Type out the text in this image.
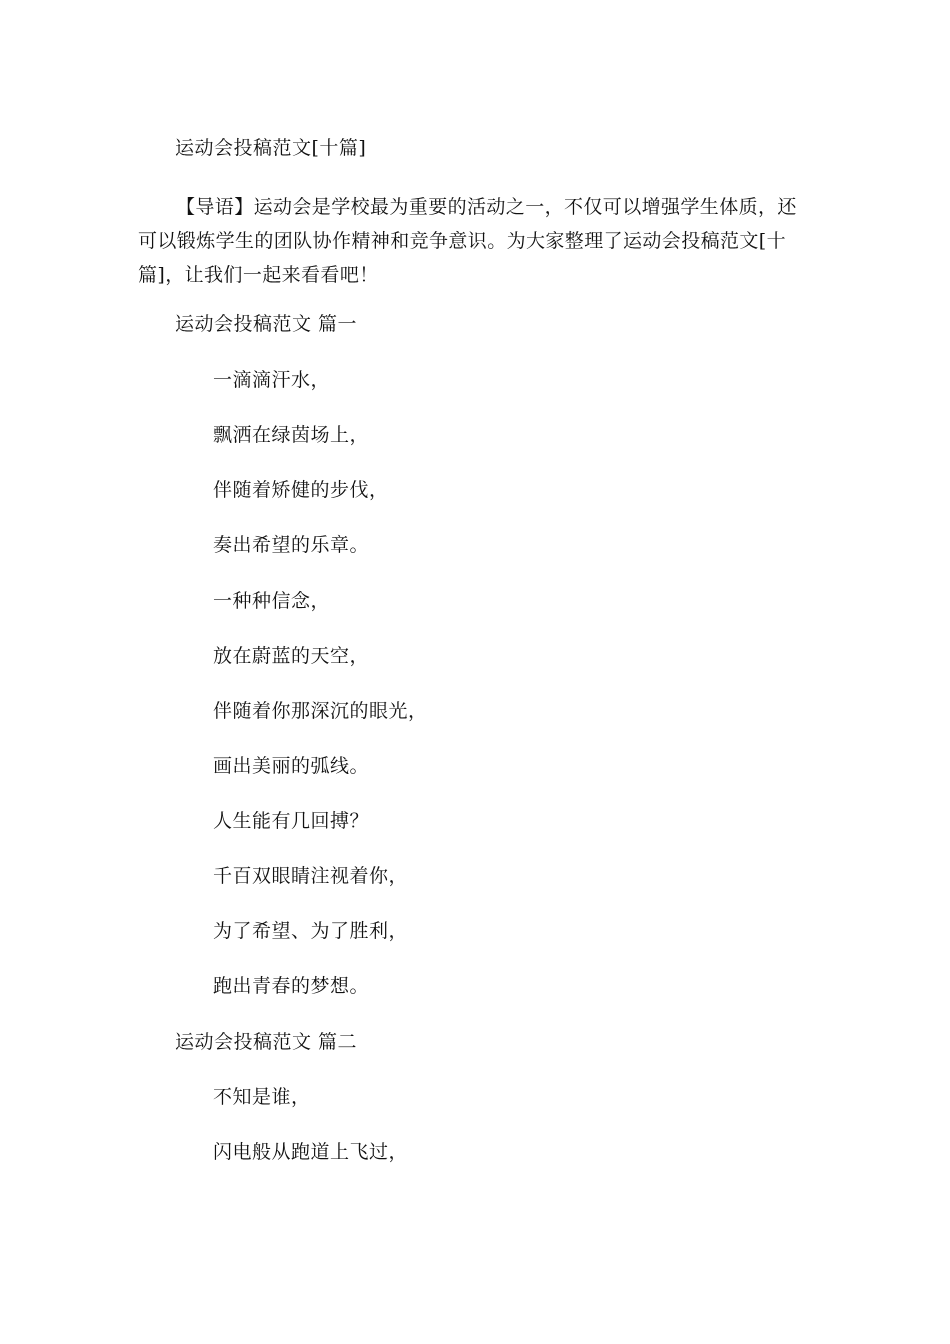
运动会投稿范文[十篇]
【导语】运动会是学校最为重要的活动之一，不仅可以增强学生体质，还可以锻炼学生的团队协作精神和竞争意识。为大家整理了运动会投稿范文[十篇]，让我们一起来看看吧！
运动会投稿范文 篇一
一滴滴汗水，
飘洒在绿茵场上，
伴随着矫健的步伐，
奏出希望的乐章。
一种种信念，
放在蔚蓝的天空，
伴随着你那深沉的眼光，
画出美丽的弧线。
人生能有几回搏？
千百双眼睛注视着你，
为了希望、为了胜利，
跑出青春的梦想。
运动会投稿范文 篇二
不知是谁，
闪电般从跑道上飞过，
